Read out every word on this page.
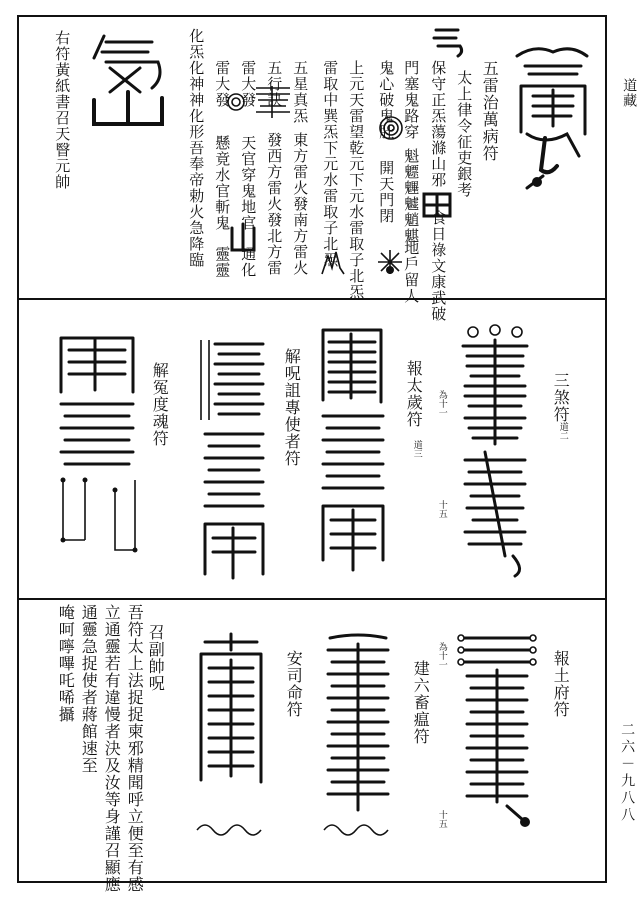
道藏
二六－九八八
五雷治萬病符
太上律令征吏銀考
保守正炁蕩滌山邪
食日祿文康武破
門塞鬼路穿
魁魒魓魖魈魌
地戶留人
鬼心破鬼肚
開天門閉
上元天雷望乾元下元水雷取子北炁
雷取中巽炁下元水雷取子北炁
五星真炁
東方雷火發南方雷火
五行訣
發西方雷火發北方雷
雷大發
天官穿鬼地官
通化
雷大發
懸竟水官斬鬼
靈靈
化炁化神神化形吾奉帝勅火急降臨
右符黃紙書召天瞖元帥
三煞符
道二
報太歲符
道三
為十一
十五
解呪詛專使者符
解冤度魂符
報土府符
建六畜瘟符
為十一
十五
安司命符
召副帥呪
吾符太上法捉捉柬邪精聞呼立便至有感
立通靈若有違慢者決及汝等身謹召顯應
通靈急捉使者蔣館速至
唵呵嚀嗶吒唏攝
